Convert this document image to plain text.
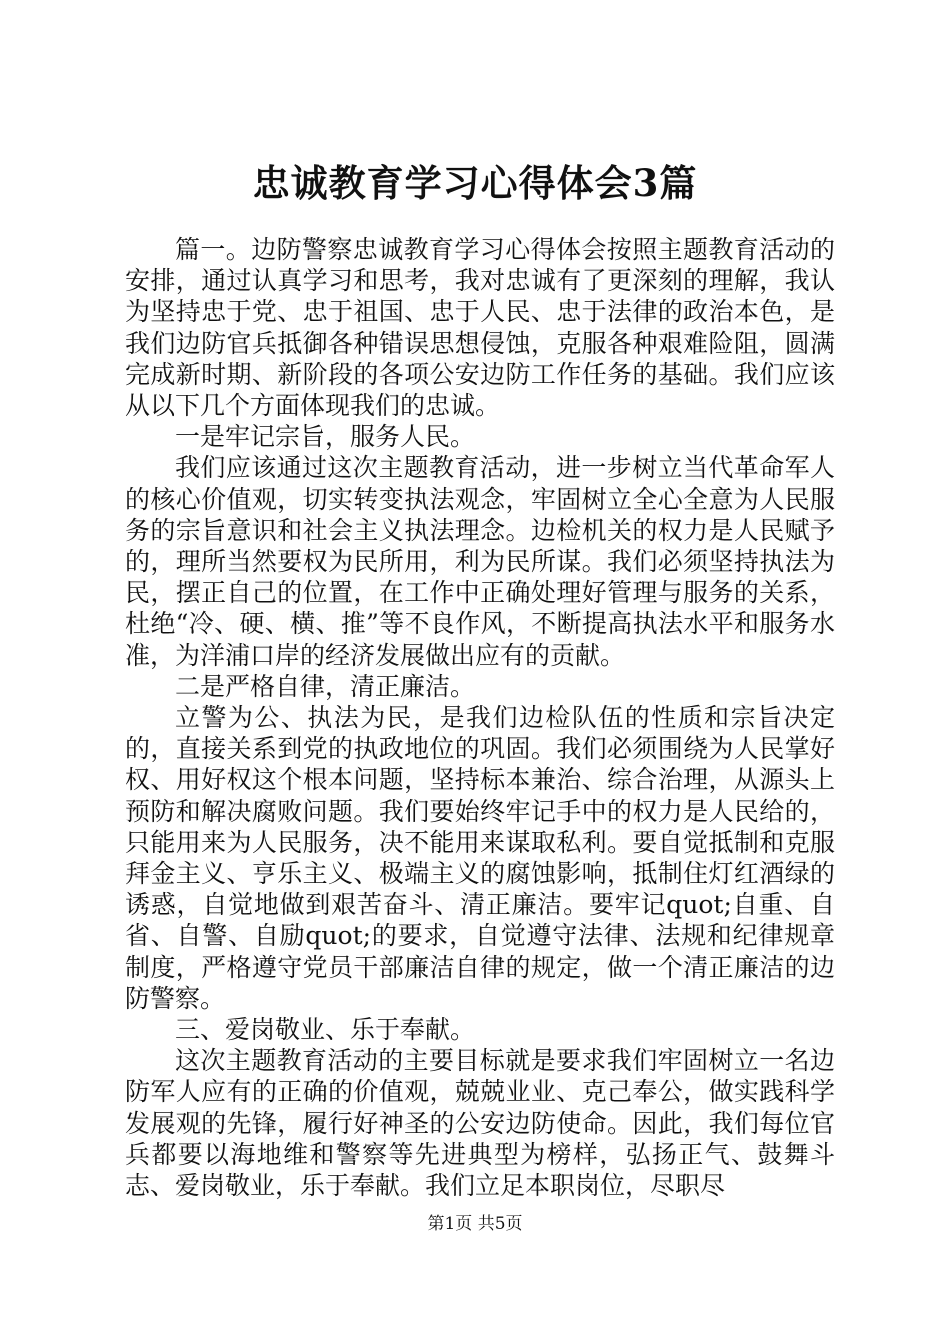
忠诚教育学习心得体会3篇

篇一。边防警察忠诚教育学习心得体会按照主题教育活动的安排，通过认真学习和思考，我对忠诚有了更深刻的理解，我认为坚持忠于党、忠于祖国、忠于人民、忠于法律的政治本色，是我们边防官兵抵御各种错误思想侵蚀，克服各种艰难险阻，圆满完成新时期、新阶段的各项公安边防工作任务的基础。我们应该从以下几个方面体现我们的忠诚。

一是牢记宗旨，服务人民。

我们应该通过这次主题教育活动，进一步树立当代革命军人的核心价值观，切实转变执法观念，牢固树立全心全意为人民服务的宗旨意识和社会主义执法理念。边检机关的权力是人民赋予的，理所当然要权为民所用，利为民所谋。我们必须坚持执法为民，摆正自己的位置，在工作中正确处理好管理与服务的关系，杜绝“冷、硬、横、推”等不良作风，不断提高执法水平和服务水准，为洋浦口岸的经济发展做出应有的贡献。

二是严格自律，清正廉洁。

立警为公、执法为民，是我们边检队伍的性质和宗旨决定的，直接关系到党的执政地位的巩固。我们必须围绕为人民掌好权、用好权这个根本问题，坚持标本兼治、综合治理，从源头上预防和解决腐败问题。我们要始终牢记手中的权力是人民给的，只能用来为人民服务，决不能用来谋取私利。要自觉抵制和克服拜金主义、亨乐主义、极端主义的腐蚀影响，抵制住灯红酒绿的诱惑，自觉地做到艰苦奋斗、清正廉洁。要牢记quot;自重、自省、自警、自励quot;的要求，自觉遵守法律、法规和纪律规章制度，严格遵守党员干部廉洁自律的规定，做一个清正廉洁的边防警察。

三、爱岗敬业、乐于奉献。

这次主题教育活动的主要目标就是要求我们牢固树立一名边防军人应有的正确的价值观，兢兢业业、克己奉公，做实践科学发展观的先锋，履行好神圣的公安边防使命。因此，我们每位官兵都要以海地维和警察等先进典型为榜样，弘扬正气、鼓舞斗志、爱岗敬业，乐于奉献。我们立足本职岗位，尽职尽

第1页 共5页
